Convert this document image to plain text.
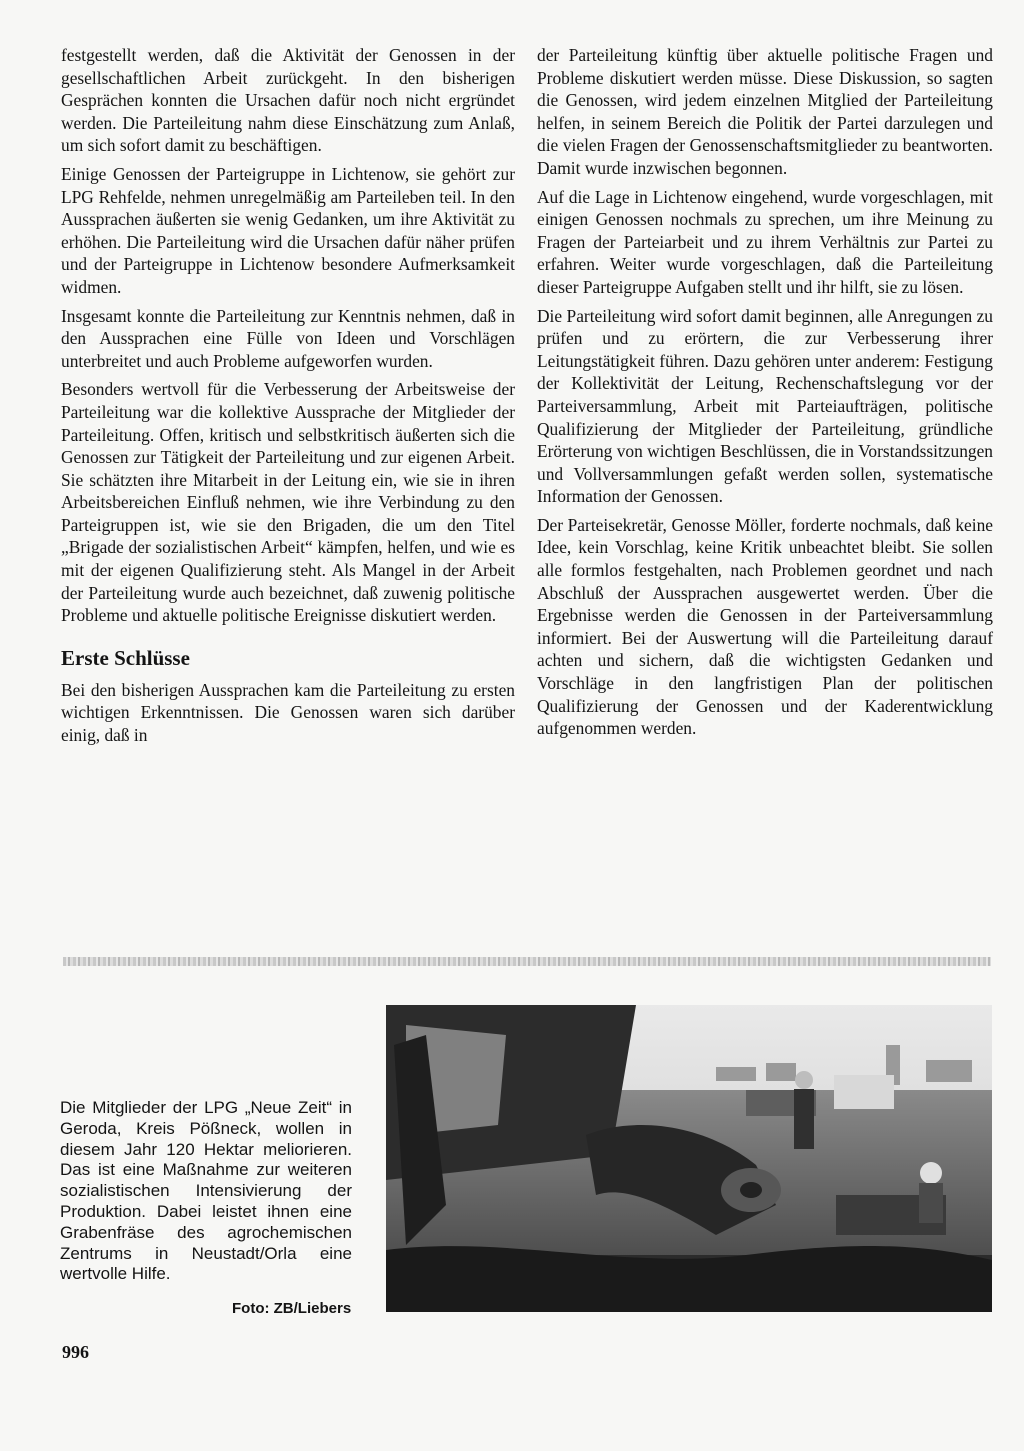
festgestellt werden, daß die Aktivität der Genossen in der gesellschaftlichen Arbeit zurückgeht. In den bisherigen Gesprächen konnten die Ursachen dafür noch nicht ergründet werden. Die Parteileitung nahm diese Einschätzung zum Anlaß, um sich sofort damit zu beschäftigen.

Einige Genossen der Parteigruppe in Lichtenow, sie gehört zur LPG Rehfelde, nehmen unregelmäßig am Parteileben teil. In den Aussprachen äußerten sie wenig Gedanken, um ihre Aktivität zu erhöhen. Die Parteileitung wird die Ursachen dafür näher prüfen und der Parteigruppe in Lichtenow besondere Aufmerksamkeit widmen.

Insgesamt konnte die Parteileitung zur Kenntnis nehmen, daß in den Aussprachen eine Fülle von Ideen und Vorschlägen unterbreitet und auch Probleme aufgeworfen wurden.

Besonders wertvoll für die Verbesserung der Arbeitsweise der Parteileitung war die kollektive Aussprache der Mitglieder der Parteileitung. Offen, kritisch und selbstkritisch äußerten sich die Genossen zur Tätigkeit der Parteileitung und zur eigenen Arbeit. Sie schätzten ihre Mitarbeit in der Leitung ein, wie sie in ihren Arbeitsbereichen Einfluß nehmen, wie ihre Verbindung zu den Parteigruppen ist, wie sie den Brigaden, die um den Titel „Brigade der sozialistischen Arbeit“ kämpfen, helfen, und wie es mit der eigenen Qualifizierung steht. Als Mangel in der Arbeit der Parteileitung wurde auch bezeichnet, daß zuwenig politische Probleme und aktuelle politische Ereignisse diskutiert werden.

Erste Schlüsse

Bei den bisherigen Aussprachen kam die Parteileitung zu ersten wichtigen Erkenntnissen. Die Genossen waren sich darüber einig, daß in

der Parteileitung künftig über aktuelle politische Fragen und Probleme diskutiert werden müsse. Diese Diskussion, so sagten die Genossen, wird jedem einzelnen Mitglied der Parteileitung helfen, in seinem Bereich die Politik der Partei darzulegen und die vielen Fragen der Genossenschaftsmitglieder zu beantworten. Damit wurde inzwischen begonnen.

Auf die Lage in Lichtenow eingehend, wurde vorgeschlagen, mit einigen Genossen nochmals zu sprechen, um ihre Meinung zu Fragen der Parteiarbeit und zu ihrem Verhältnis zur Partei zu erfahren. Weiter wurde vorgeschlagen, daß die Parteileitung dieser Parteigruppe Aufgaben stellt und ihr hilft, sie zu lösen.

Die Parteileitung wird sofort damit beginnen, alle Anregungen zu prüfen und zu erörtern, die zur Verbesserung ihrer Leitungstätigkeit führen. Dazu gehören unter anderem: Festigung der Kollektivität der Leitung, Rechenschaftslegung vor der Parteiversammlung, Arbeit mit Parteiaufträgen, politische Qualifizierung der Mitglieder der Parteileitung, gründliche Erörterung von wichtigen Beschlüssen, die in Vorstandssitzungen und Vollversammlungen gefaßt werden sollen, systematische Information der Genossen.

Der Parteisekretär, Genosse Möller, forderte nochmals, daß keine Idee, kein Vorschlag, keine Kritik unbeachtet bleibt. Sie sollen alle formlos festgehalten, nach Problemen geordnet und nach Abschluß der Aussprachen ausgewertet werden. Über die Ergebnisse werden die Genossen in der Parteiversammlung informiert. Bei der Auswertung will die Parteileitung darauf achten und sichern, daß die wichtigsten Gedanken und Vorschläge in den langfristigen Plan der politischen Qualifizierung der Genossen und der Kaderentwicklung aufgenommen werden.

Die Mitglieder der LPG „Neue Zeit“ in Geroda, Kreis Pößneck, wollen in diesem Jahr 120 Hektar meliorieren. Das ist eine Maßnahme zur weiteren sozialistischen Intensivierung der Produktion. Dabei leistet ihnen eine Grabenfräse des agrochemischen Zentrums in Neustadt/Orla eine wertvolle Hilfe.
Foto: ZB/Liebers
996
